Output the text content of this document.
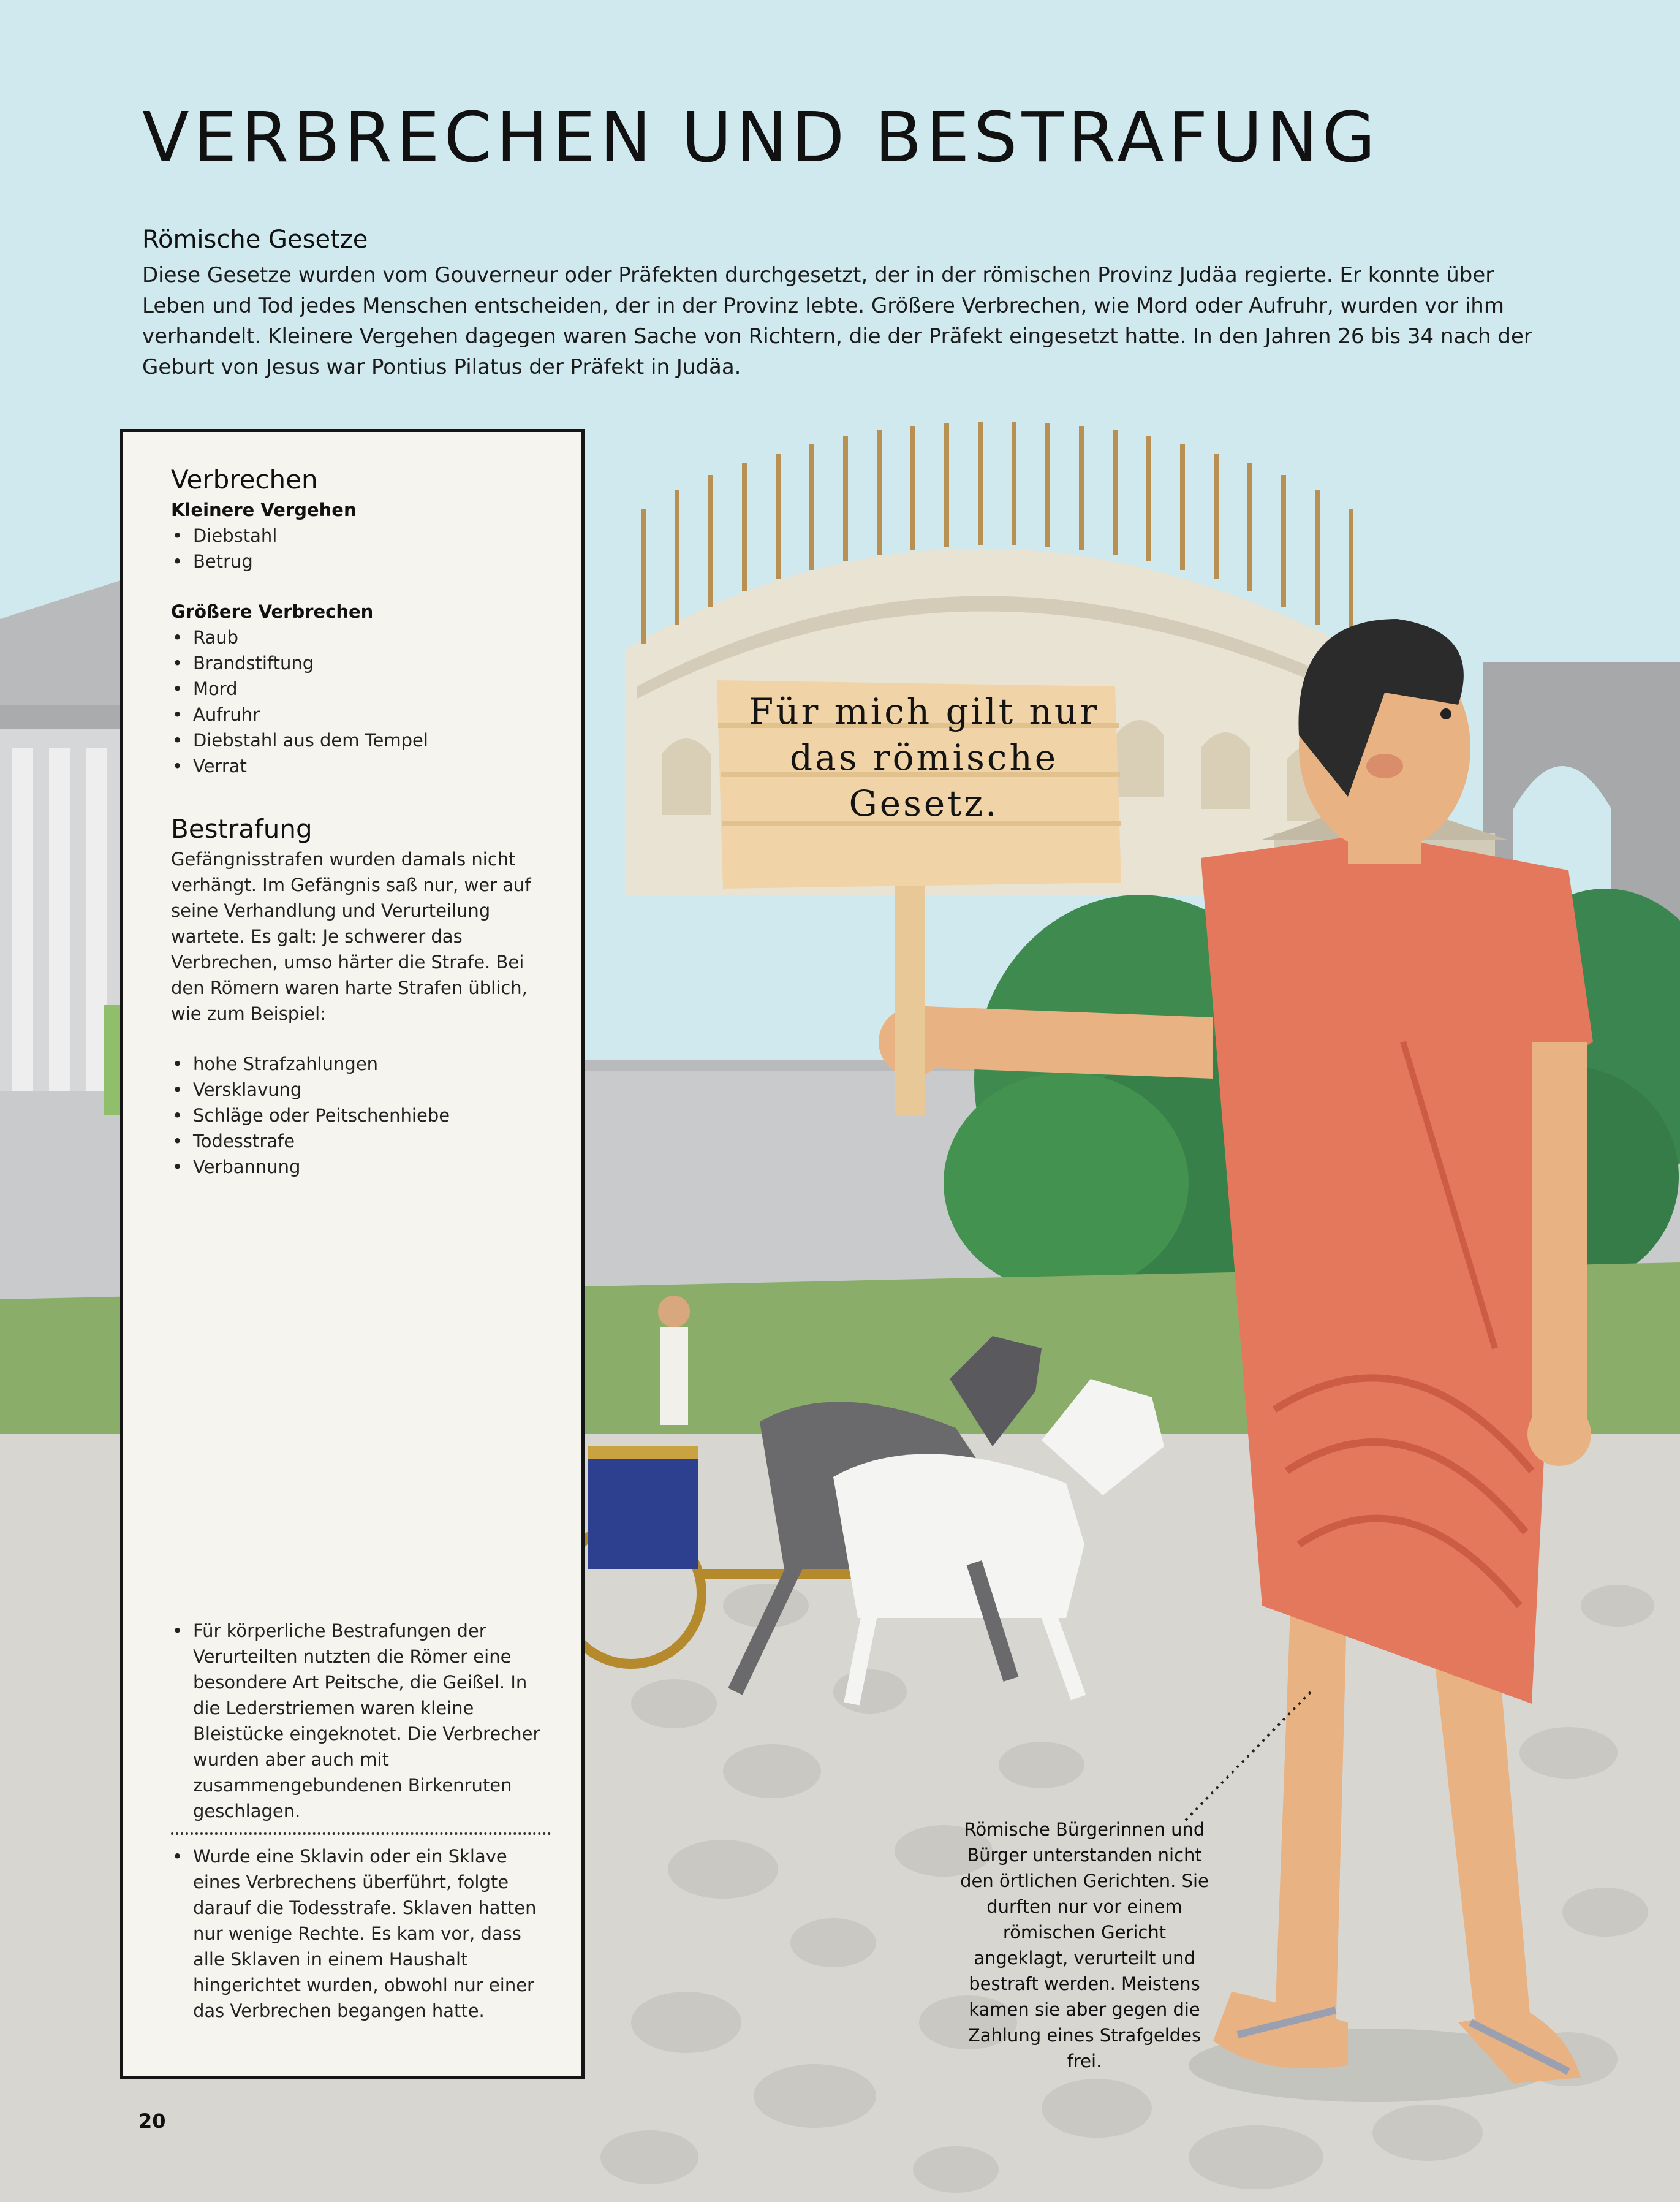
VERBRECHEN UND BESTRAFUNG
Römische Gesetze

Diese Gesetze wurden vom Gouverneur oder Präfekten durchgesetzt, der in der römischen Provinz Judäa regierte. Er konnte über Leben und Tod jedes Menschen entscheiden, der in der Provinz lebte. Größere Verbrechen, wie Mord oder Aufruhr, wurden vor ihm verhandelt. Kleinere Vergehen dagegen waren Sache von Richtern, die der Präfekt eingesetzt hatte. In den Jahren 26 bis 34 nach der Geburt von Jesus war Pontius Pilatus der Präfekt in Judäa.

Verbrechen
Kleinere Vergehen
• Diebstahl
• Betrug
Größere Verbrechen
• Raub
• Brandstiftung
• Mord
• Aufruhr
• Diebstahl aus dem Tempel
• Verrat
Bestrafung

Gefängnisstrafen wurden damals nicht verhängt. Im Gefängnis saß nur, wer auf seine Verhandlung und Verurteilung wartete. Es galt: Je schwerer das Verbrechen, umso härter die Strafe. Bei den Römern waren harte Strafen üblich, wie zum Beispiel:

• hohe Strafzahlungen
• Versklavung
• Schläge oder Peitschenhiebe
• Todesstrafe
• Verbannung
• Für körperliche Bestrafungen der Verurteilten nutzten die Römer eine besondere Art Peitsche, die Geißel. In die Lederstriemen waren kleine Bleistücke eingeknotet. Die Verbrecher wurden aber auch mit zusammengebundenen Birkenruten geschlagen.
• Wurde eine Sklavin oder ein Sklave eines Verbrechens überführt, folgte darauf die Todesstrafe. Sklaven hatten nur wenige Rechte. Es kam vor, dass alle Sklaven in einem Haushalt hingerichtet wurden, obwohl nur einer das Verbrechen begangen hatte.
Für mich gilt nur das römische Gesetz.
Römische Bürgerinnen und Bürger unterstanden nicht den örtlichen Gerichten. Sie durften nur vor einem römischen Gericht angeklagt, verurteilt und bestraft werden. Meistens kamen sie aber gegen die Zahlung eines Strafgeldes frei.
20
